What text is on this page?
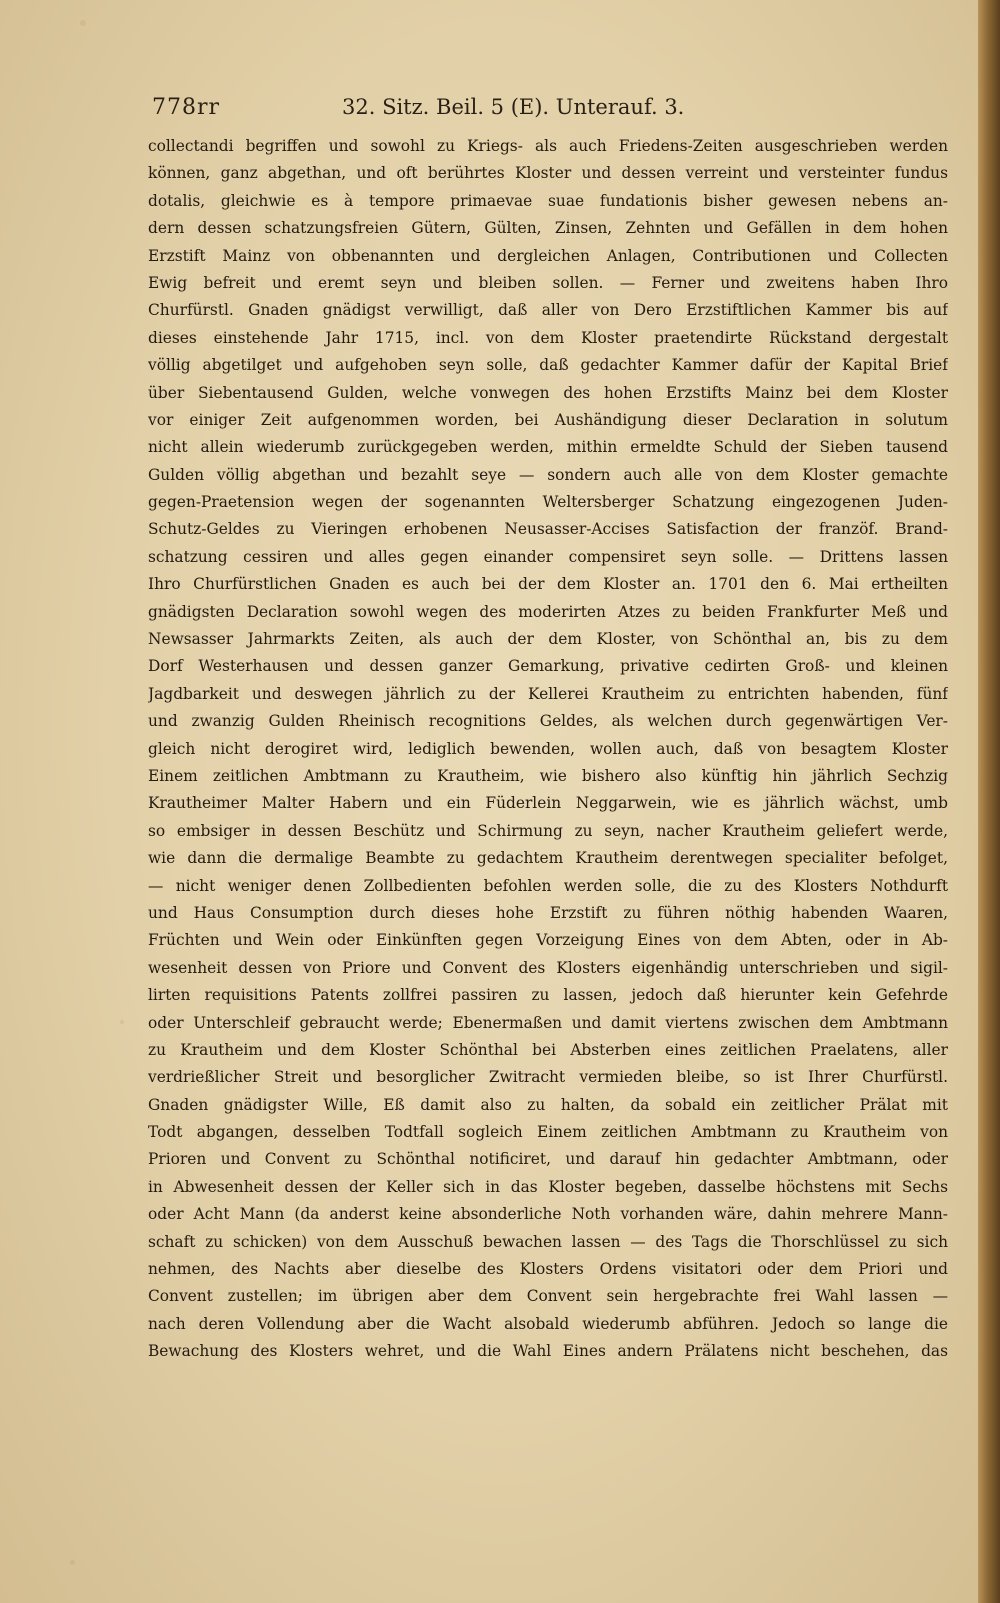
778rr	32. Sitz. Beil. 5 (E). Unterauf. 3.
collectandi begriffen und sowohl zu Kriegs- als auch Friedens-Zeiten ausgeschrieben werden
können, ganz abgethan, und oft berührtes Kloster und dessen verreint und versteinter fundus
dotalis, gleichwie es à tempore primaevae suae fundationis bisher gewesen nebens an-
dern dessen schatzungsfreien Gütern, Gülten, Zinsen, Zehnten und Gefällen in dem hohen
Erzstift Mainz von obbenannten und dergleichen Anlagen, Contributionen und Collecten
Ewig befreit und eremt seyn und bleiben sollen. — Ferner und zweitens haben Ihro
Churfürstl. Gnaden gnädigst verwilligt, daß aller von Dero Erzstiftlichen Kammer bis auf
dieses einstehende Jahr 1715, incl. von dem Kloster praetendirte Rückstand dergestalt
völlig abgetilget und aufgehoben seyn solle, daß gedachter Kammer dafür der Kapital Brief
über Siebentausend Gulden, welche vonwegen des hohen Erzstifts Mainz bei dem Kloster
vor einiger Zeit aufgenommen worden, bei Aushändigung dieser Declaration in solutum
nicht allein wiederumb zurückgegeben werden, mithin ermeldte Schuld der Sieben tausend
Gulden völlig abgethan und bezahlt seye — sondern auch alle von dem Kloster gemachte
gegen-Praetension wegen der sogenannten Weltersberger Schatzung eingezogenen Juden-
Schutz-Geldes zu Vieringen erhobenen Neusasser-Accises Satisfaction der franzöf. Brand-
schatzung cessiren und alles gegen einander compensiret seyn solle. — Drittens lassen
Ihro Churfürstlichen Gnaden es auch bei der dem Kloster an. 1701 den 6. Mai ertheilten
gnädigsten Declaration sowohl wegen des moderirten Atzes zu beiden Frankfurter Meß und
Newsasser Jahrmarkts Zeiten, als auch der dem Kloster, von Schönthal an, bis zu dem
Dorf Westerhausen und dessen ganzer Gemarkung, privative cedirten Groß- und kleinen
Jagdbarkeit und deswegen jährlich zu der Kellerei Krautheim zu entrichten habenden, fünf
und zwanzig Gulden Rheinisch recognitions Geldes, als welchen durch gegenwärtigen Ver-
gleich nicht derogiret wird, lediglich bewenden, wollen auch, daß von besagtem Kloster
Einem zeitlichen Ambtmann zu Krautheim, wie bishero also künftig hin jährlich Sechzig
Krautheimer Malter Habern und ein Füderlein Neggarwein, wie es jährlich wächst, umb
so embsiger in dessen Beschütz und Schirmung zu seyn, nacher Krautheim geliefert werde,
wie dann die dermalige Beambte zu gedachtem Krautheim derentwegen specialiter befolget,
— nicht weniger denen Zollbedienten befohlen werden solle, die zu des Klosters Nothdurft
und Haus Consumption durch dieses hohe Erzstift zu führen nöthig habenden Waaren,
Früchten und Wein oder Einkünften gegen Vorzeigung Eines von dem Abten, oder in Ab-
wesenheit dessen von Priore und Convent des Klosters eigenhändig unterschrieben und sigil-
lirten requisitions Patents zollfrei passiren zu lassen, jedoch daß hierunter kein Gefehrde
oder Unterschleif gebraucht werde; Ebenermaßen und damit viertens zwischen dem Ambtmann
zu Krautheim und dem Kloster Schönthal bei Absterben eines zeitlichen Praelatens, aller
verdrießlicher Streit und besorglicher Zwitracht vermieden bleibe, so ist Ihrer Churfürstl.
Gnaden gnädigster Wille, Eß damit also zu halten, da sobald ein zeitlicher Prälat mit
Todt abgangen, desselben Todtfall sogleich Einem zeitlichen Ambtmann zu Krautheim von
Prioren und Convent zu Schönthal notificiret, und darauf hin gedachter Ambtmann, oder
in Abwesenheit dessen der Keller sich in das Kloster begeben, dasselbe höchstens mit Sechs
oder Acht Mann (da anderst keine absonderliche Noth vorhanden wäre, dahin mehrere Mann-
schaft zu schicken) von dem Ausschuß bewachen lassen — des Tags die Thorschlüssel zu sich
nehmen, des Nachts aber dieselbe des Klosters Ordens visitatori oder dem Priori und
Convent zustellen; im übrigen aber dem Convent sein hergebrachte frei Wahl lassen —
nach deren Vollendung aber die Wacht alsobald wiederumb abführen. Jedoch so lange die
Bewachung des Klosters wehret, und die Wahl Eines andern Prälatens nicht beschehen, das
